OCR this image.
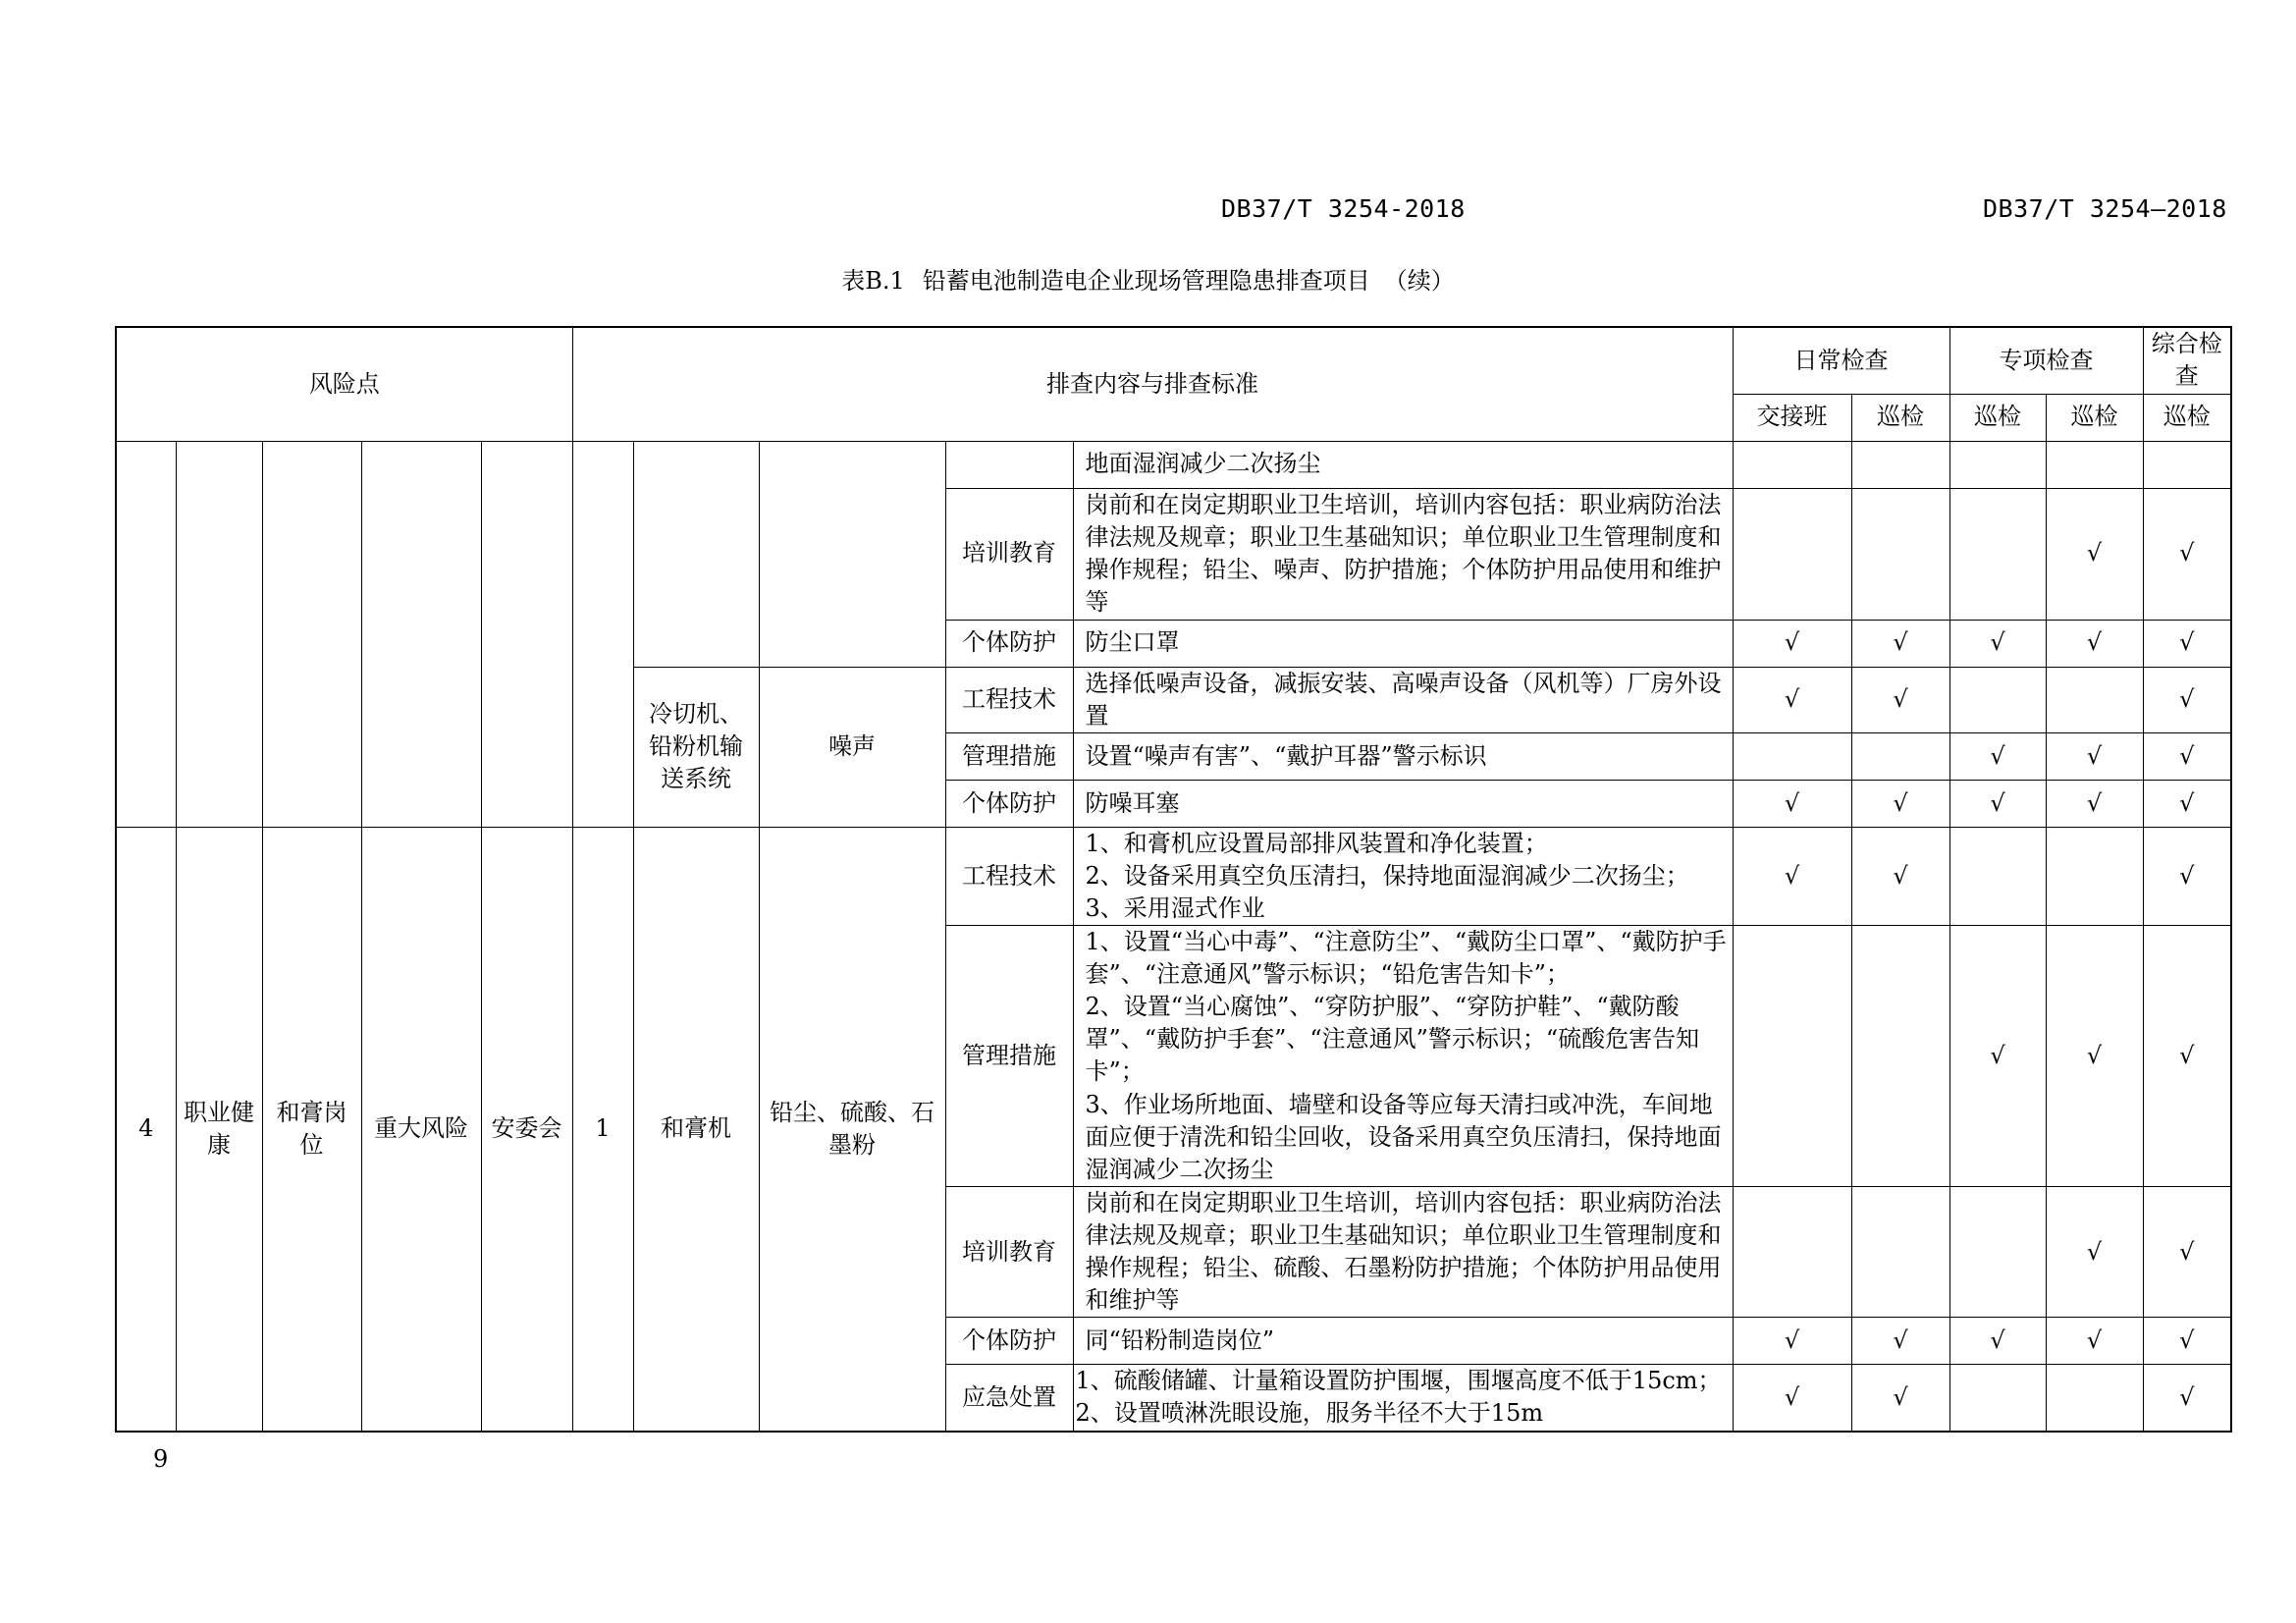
DB37/T 3254-2018	DB37/T 3254—2018
表B.1 铅蓄电池制造电企业现场管理隐患排查项目 （续）
风险点					排查内容与排查标准					日常检查		专项检查		综合检查
										交接班	巡检	巡检	巡检	巡检
									地面湿润减少二次扬尘					
								培训教育	岗前和在岗定期职业卫生培训，培训内容包括：职业病防治法律法规及规章；职业卫生基础知识；单位职业卫生管理制度和操作规程；铅尘、噪声、防护措施；个体防护用品使用和维护等				√	√
								个体防护	防尘口罩	√	√	√	√	√
						冷切机、铅粉机输送系统	噪声	工程技术	选择低噪声设备，减振安装、高噪声设备（风机等）厂房外设置	√	√			√
								管理措施	设置“噪声有害”、“戴护耳器”警示标识			√	√	√
								个体防护	防噪耳塞	√	√	√	√	√
4	职业健康	和膏岗位	重大风险	安委会	1	和膏机	铅尘、硫酸、石墨粉	工程技术	1、和膏机应设置局部排风装置和净化装置；
2、设备采用真空负压清扫，保持地面湿润减少二次扬尘；
3、采用湿式作业	√	√			√
								管理措施	1、设置“当心中毒”、“注意防尘”、“戴防尘口罩”、“戴防护手套”、“注意通风”警示标识；“铅危害告知卡”；
2、设置“当心腐蚀”、“穿防护服”、“穿防护鞋”、“戴防酸罩”、“戴防护手套”、“注意通风”警示标识；“硫酸危害告知卡”；
3、作业场所地面、墙壁和设备等应每天清扫或冲洗，车间地面应便于清洗和铅尘回收，设备采用真空负压清扫，保持地面湿润减少二次扬尘			√	√	√
								培训教育	岗前和在岗定期职业卫生培训，培训内容包括：职业病防治法律法规及规章；职业卫生基础知识；单位职业卫生管理制度和操作规程；铅尘、硫酸、石墨粉防护措施；个体防护用品使用和维护等				√	√
								个体防护	同“铅粉制造岗位”	√	√	√	√	√
								应急处置	1、硫酸储罐、计量箱设置防护围堰，围堰高度不低于15cm；
2、设置喷淋洗眼设施，服务半径不大于15m	√	√			√
9
